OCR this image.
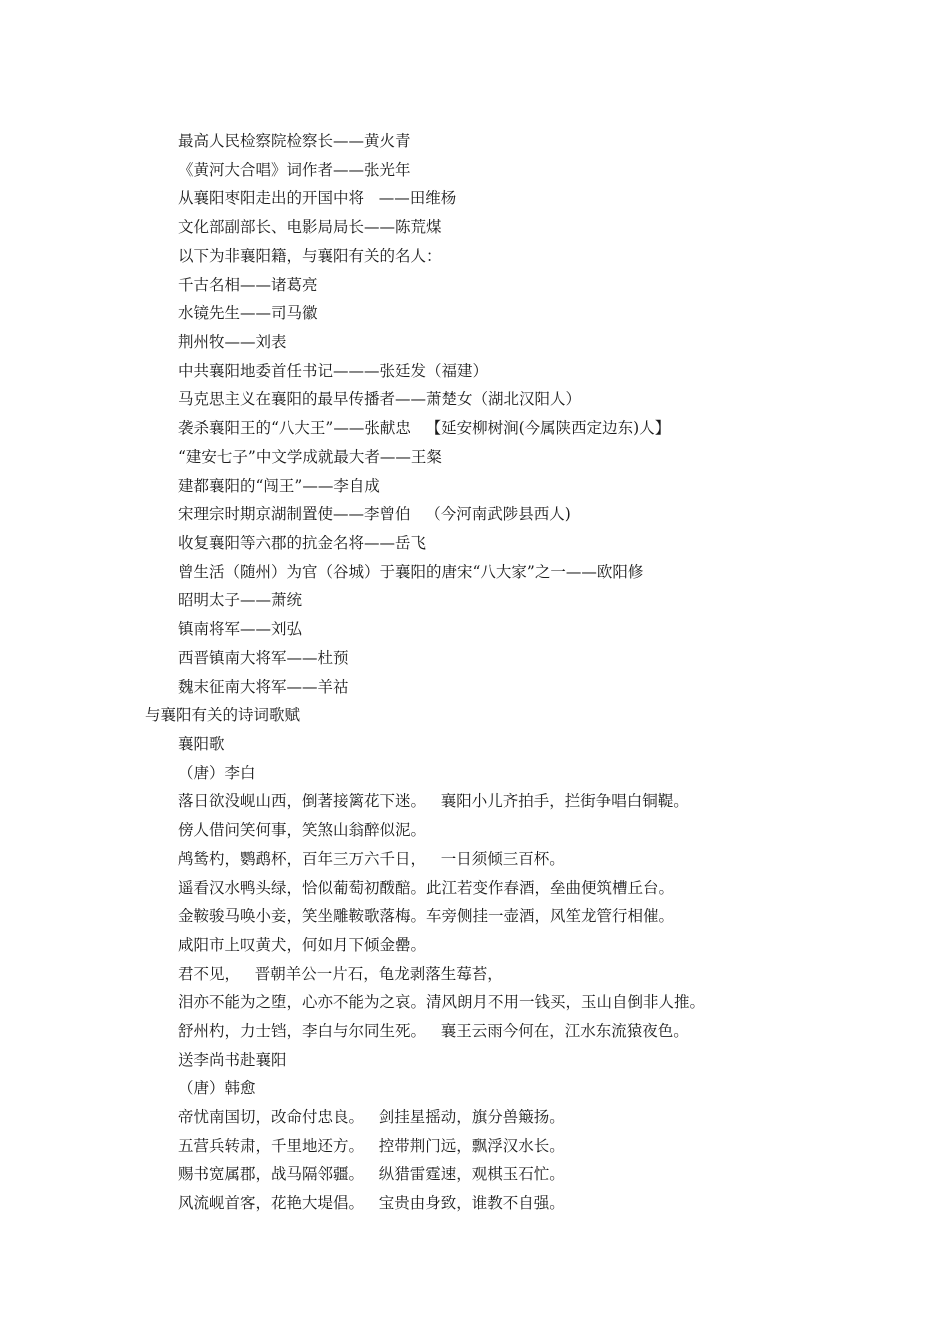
最高人民检察院检察长——黄火青
《黄河大合唱》词作者——张光年
从襄阳枣阳走出的开国中将   ——田维杨
文化部副部长、电影局局长——陈荒煤
以下为非襄阳籍，与襄阳有关的名人：
千古名相——诸葛亮
水镜先生——司马徽
荆州牧——刘表
中共襄阳地委首任书记———张廷发（福建）
马克思主义在襄阳的最早传播者——萧楚女（湖北汉阳人）
袭杀襄阳王的“八大王”——张献忠   【延安柳树涧(今属陕西定边东)人】
“建安七子”中文学成就最大者——王粲
建都襄阳的“闯王”——李自成
宋理宗时期京湖制置使——李曾伯   （今河南武陟县西人)
收复襄阳等六郡的抗金名将——岳飞
曾生活（随州）为官（谷城）于襄阳的唐宋“八大家”之一——欧阳修
昭明太子——萧统
镇南将军——刘弘
西晋镇南大将军——杜预
魏末征南大将军——羊祜
与襄阳有关的诗词歌赋
襄阳歌
（唐）李白
落日欲没岘山西，倒著接篱花下迷。   襄阳小儿齐拍手，拦街争唱白铜鞮。
傍人借问笑何事，笑煞山翁醉似泥。
鸬鸶杓，鹦鹉杯，百年三万六千日，   一日须倾三百杯。
遥看汉水鸭头绿，恰似葡萄初酦醅。此江若变作春酒，垒曲便筑槽丘台。
金鞍骏马唤小妾，笑坐雕鞍歌落梅。车旁侧挂一壶酒，风笙龙管行相催。
咸阳市上叹黄犬，何如月下倾金罍。
君不见，   晋朝羊公一片石，龟龙剥落生莓苔，
泪亦不能为之堕，心亦不能为之哀。清风朗月不用一钱买，玉山自倒非人推。
舒州杓，力士铛，李白与尔同生死。   襄王云雨今何在，江水东流猿夜色。
送李尚书赴襄阳
（唐）韩愈
帝忧南国切，改命付忠良。   剑挂星摇动，旗分兽簸扬。
五营兵转肃，千里地还方。   控带荆门远，飘浮汉水长。
赐书宽属郡，战马隔邻疆。   纵猎雷霆速，观棋玉石忙。
风流岘首客，花艳大堤倡。   宝贵由身致，谁教不自强。
